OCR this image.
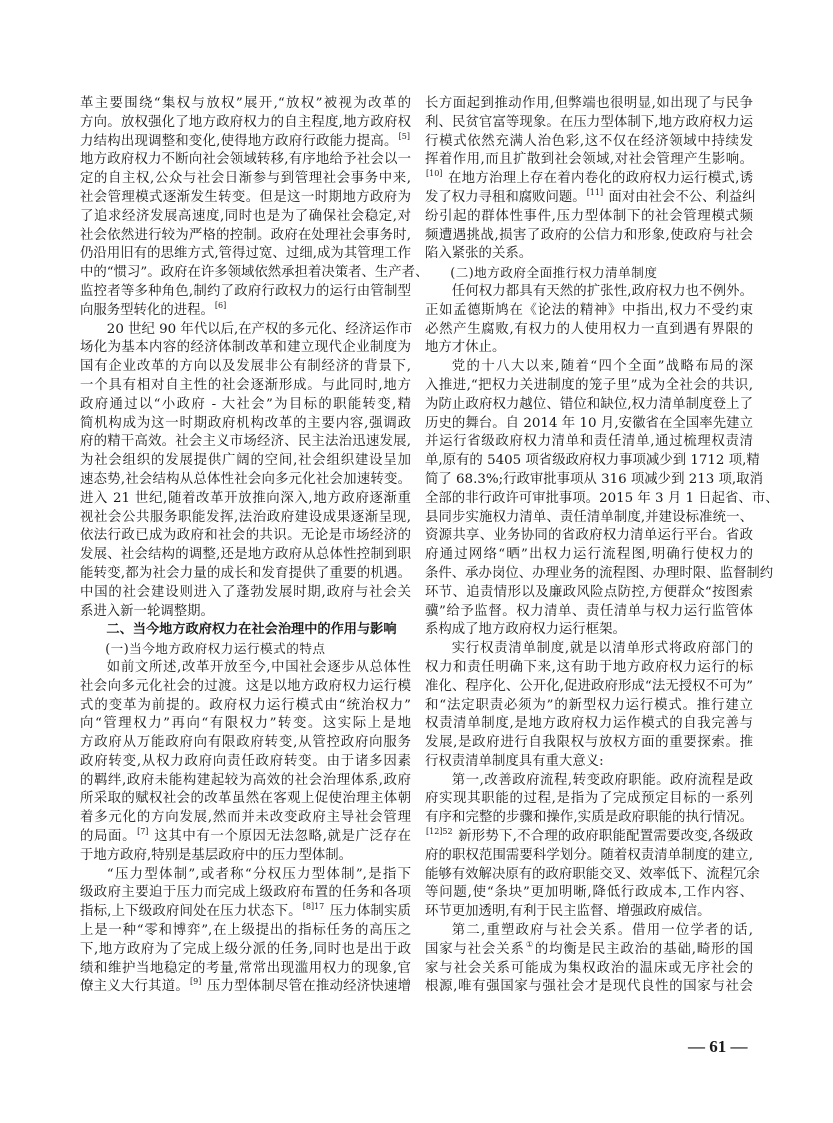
革主要围绕“集权与放权”展开,“放权”被视为改革的
方向。放权强化了地方政府权力的自主程度,地方政府权
力结构出现调整和变化,使得地方政府行政能力提高。[5]
地方政府权力不断向社会领域转移,有序地给予社会以一
定的自主权,公众与社会日渐参与到管理社会事务中来,
社会管理模式逐渐发生转变。但是这一时期地方政府为
了追求经济发展高速度,同时也是为了确保社会稳定,对
社会依然进行较为严格的控制。政府在处理社会事务时,
仍沿用旧有的思维方式,管得过宽、过细,成为其管理工作
中的“惯习”。政府在许多领域依然承担着决策者、生产者、
监控者等多种角色,制约了政府行政权力的运行由管制型
向服务型转化的进程。[6]
20 世纪 90 年代以后,在产权的多元化、经济运作市
场化为基本内容的经济体制改革和建立现代企业制度为
国有企业改革的方向以及发展非公有制经济的背景下,
一个具有相对自主性的社会逐渐形成。与此同时,地方
政府通过以“小政府 - 大社会”为目标的职能转变,精
简机构成为这一时期政府机构改革的主要内容,强调政
府的精干高效。社会主义市场经济、民主法治迅速发展,
为社会组织的发展提供广阔的空间,社会组织建设呈加
速态势,社会结构从总体性社会向多元化社会加速转变。
进入 21 世纪,随着改革开放推向深入,地方政府逐渐重
视社会公共服务职能发挥,法治政府建设成果逐渐呈现,
依法行政已成为政府和社会的共识。无论是市场经济的
发展、社会结构的调整,还是地方政府从总体性控制到职
能转变,都为社会力量的成长和发育提供了重要的机遇。
中国的社会建设则进入了蓬勃发展时期,政府与社会关
系进入新一轮调整期。
二、当今地方政府权力在社会治理中的作用与影响
(一)当今地方政府权力运行模式的特点
如前文所述,改革开放至今,中国社会逐步从总体性
社会向多元化社会的过渡。这是以地方政府权力运行模
式的变革为前提的。政府权力运行模式由“统治权力”
向“管理权力”再向“有限权力”转变。这实际上是地
方政府从万能政府向有限政府转变,从管控政府向服务
政府转变,从权力政府向责任政府转变。由于诸多因素
的羁绊,政府未能构建起较为高效的社会治理体系,政府
所采取的赋权社会的改革虽然在客观上促使治理主体朝
着多元化的方向发展,然而并未改变政府主导社会管理
的局面。[7] 这其中有一个原因无法忽略,就是广泛存在
于地方政府,特别是基层政府中的压力型体制。
“压力型体制”,或者称“分权压力型体制”,是指下
级政府主要迫于压力而完成上级政府布置的任务和各项
指标,上下级政府间处在压力状态下。$^{[8]17}$ 压力体制实质
上是一种“零和博弈”,在上级提出的指标任务的高压之
下,地方政府为了完成上级分派的任务,同时也是出于政
绩和维护当地稳定的考量,常常出现滥用权力的现象,官
僚主义大行其道。[9] 压力型体制尽管在推动经济快速增
长方面起到推动作用,但弊端也很明显,如出现了与民争
利、民贫官富等现象。在压力型体制下,地方政府权力运
行模式依然充满人治色彩,这不仅在经济领域中持续发
挥着作用,而且扩散到社会领域,对社会管理产生影响。
[10] 在地方治理上存在着内卷化的政府权力运行模式,诱
发了权力寻租和腐败问题。[11] 面对由社会不公、利益纠
纷引起的群体性事件,压力型体制下的社会管理模式频
频遭遇挑战,损害了政府的公信力和形象,使政府与社会
陷入紧张的关系。
(二)地方政府全面推行权力清单制度
任何权力都具有天然的扩张性,政府权力也不例外。
正如孟德斯鸠在《论法的精神》中指出,权力不受约束
必然产生腐败,有权力的人使用权力一直到遇有界限的
地方才休止。
党的十八大以来,随着“四个全面”战略布局的深
入推进,“把权力关进制度的笼子里”成为全社会的共识,
为防止政府权力越位、错位和缺位,权力清单制度登上了
历史的舞台。自 2014 年 10 月,安徽省在全国率先建立
并运行省级政府权力清单和责任清单,通过梳理权责清
单,原有的 5405 项省级政府权力事项减少到 1712 项,精
简了 68.3%;行政审批事项从 316 项减少到 213 项,取消
全部的非行政许可审批事项。2015 年 3 月 1 日起省、市、
县同步实施权力清单、责任清单制度,并建设标准统一、
资源共享、业务协同的省政府权力清单运行平台。省政
府通过网络“晒”出权力运行流程图,明确行使权力的
条件、承办岗位、办理业务的流程图、办理时限、监督制约
环节、追责情形以及廉政风险点防控,方便群众“按图索
骥”给予监督。权力清单、责任清单与权力运行监管体
系构成了地方政府权力运行框架。
实行权责清单制度,就是以清单形式将政府部门的
权力和责任明确下来,这有助于地方政府权力运行的标
准化、程序化、公开化,促进政府形成“法无授权不可为”
和“法定职责必须为”的新型权力运行模式。推行建立
权责清单制度,是地方政府权力运作模式的自我完善与
发展,是政府进行自我限权与放权方面的重要探索。推
行权责清单制度具有重大意义:
第一,改善政府流程,转变政府职能。政府流程是政
府实现其职能的过程,是指为了完成预定目标的一系列
有序和完整的步骤和操作,实质是政府职能的执行情况。
$^{[12]52}$ 新形势下,不合理的政府职能配置需要改变,各级政
府的职权范围需要科学划分。随着权责清单制度的建立,
能够有效解决原有的政府职能交叉、效率低下、流程冗余
等问题,使“条块”更加明晰,降低行政成本,工作内容、
环节更加透明,有利于民主监督、增强政府威信。
第二,重塑政府与社会关系。借用一位学者的话,
国家与社会关系①的均衡是民主政治的基础,畸形的国
家与社会关系可能成为集权政治的温床或无序社会的
根源,唯有强国家与强社会才是现代良性的国家与社会
— 61 —
